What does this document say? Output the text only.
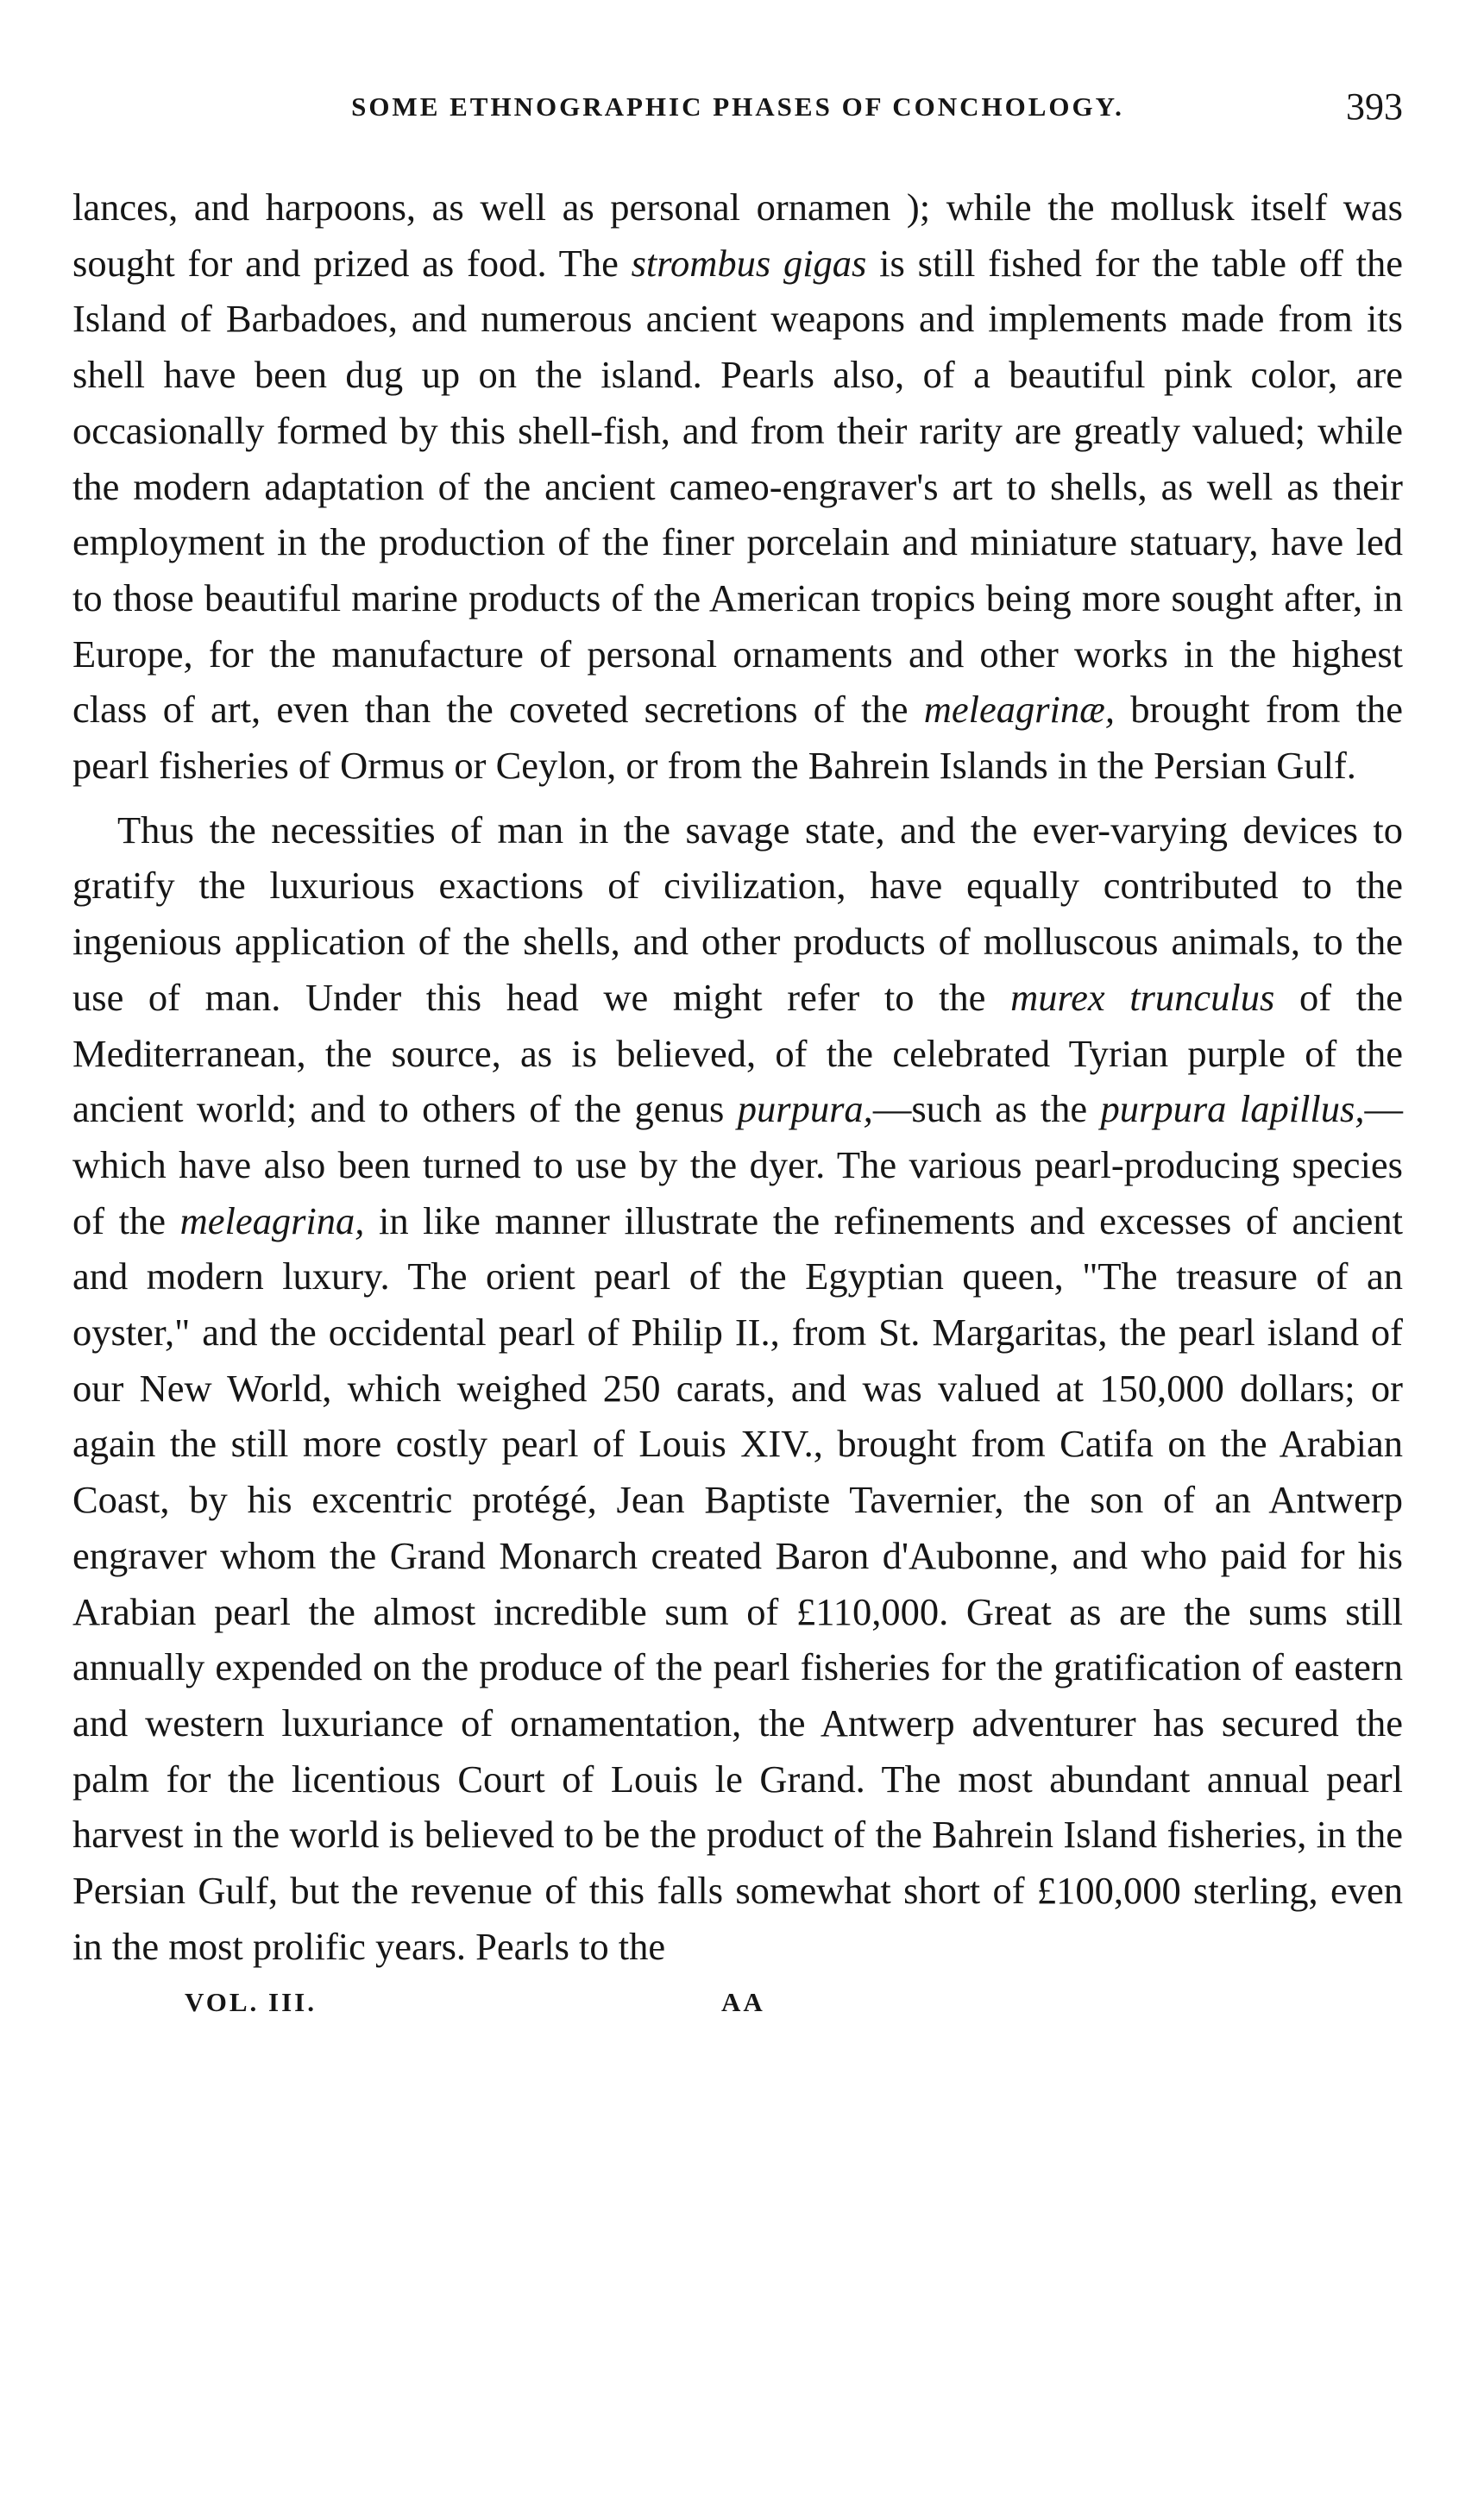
SOME ETHNOGRAPHIC PHASES OF CONCHOLOGY.	393

lances, and harpoons, as well as personal ornamen ); while the mollusk itself was sought for and prized as food. The strombus gigas is still fished for the table off the Island of Barbadoes, and numerous ancient weapons and implements made from its shell have been dug up on the island. Pearls also, of a beautiful pink color, are occasionally formed by this shell-fish, and from their rarity are greatly valued; while the modern adaptation of the ancient cameo-engraver's art to shells, as well as their employment in the production of the finer porcelain and miniature statuary, have led to those beautiful marine products of the American tropics being more sought after, in Europe, for the manufacture of personal ornaments and other works in the highest class of art, even than the coveted secretions of the meleagrinæ, brought from the pearl fisheries of Ormus or Ceylon, or from the Bahrein Islands in the Persian Gulf.

Thus the necessities of man in the savage state, and the ever-varying devices to gratify the luxurious exactions of civilization, have equally contributed to the ingenious application of the shells, and other products of molluscous animals, to the use of man. Under this head we might refer to the murex trunculus of the Mediterranean, the source, as is believed, of the celebrated Tyrian purple of the ancient world; and to others of the genus purpura,—such as the purpura lapillus,—which have also been turned to use by the dyer. The various pearl-producing species of the meleagrina, in like manner illustrate the refinements and excesses of ancient and modern luxury. The orient pearl of the Egyptian queen, "The treasure of an oyster," and the occidental pearl of Philip II., from St. Margaritas, the pearl island of our New World, which weighed 250 carats, and was valued at 150,000 dollars; or again the still more costly pearl of Louis XIV., brought from Catifa on the Arabian Coast, by his excentric protégé, Jean Baptiste Tavernier, the son of an Antwerp engraver whom the Grand Monarch created Baron d'Aubonne, and who paid for his Arabian pearl the almost incredible sum of £110,000. Great as are the sums still annually expended on the produce of the pearl fisheries for the gratification of eastern and western luxuriance of ornamentation, the Antwerp adventurer has secured the palm for the licentious Court of Louis le Grand. The most abundant annual pearl harvest in the world is believed to be the product of the Bahrein Island fisheries, in the Persian Gulf, but the revenue of this falls somewhat short of £100,000 sterling, even in the most prolific years. Pearls to the

VOL. III.	AA
